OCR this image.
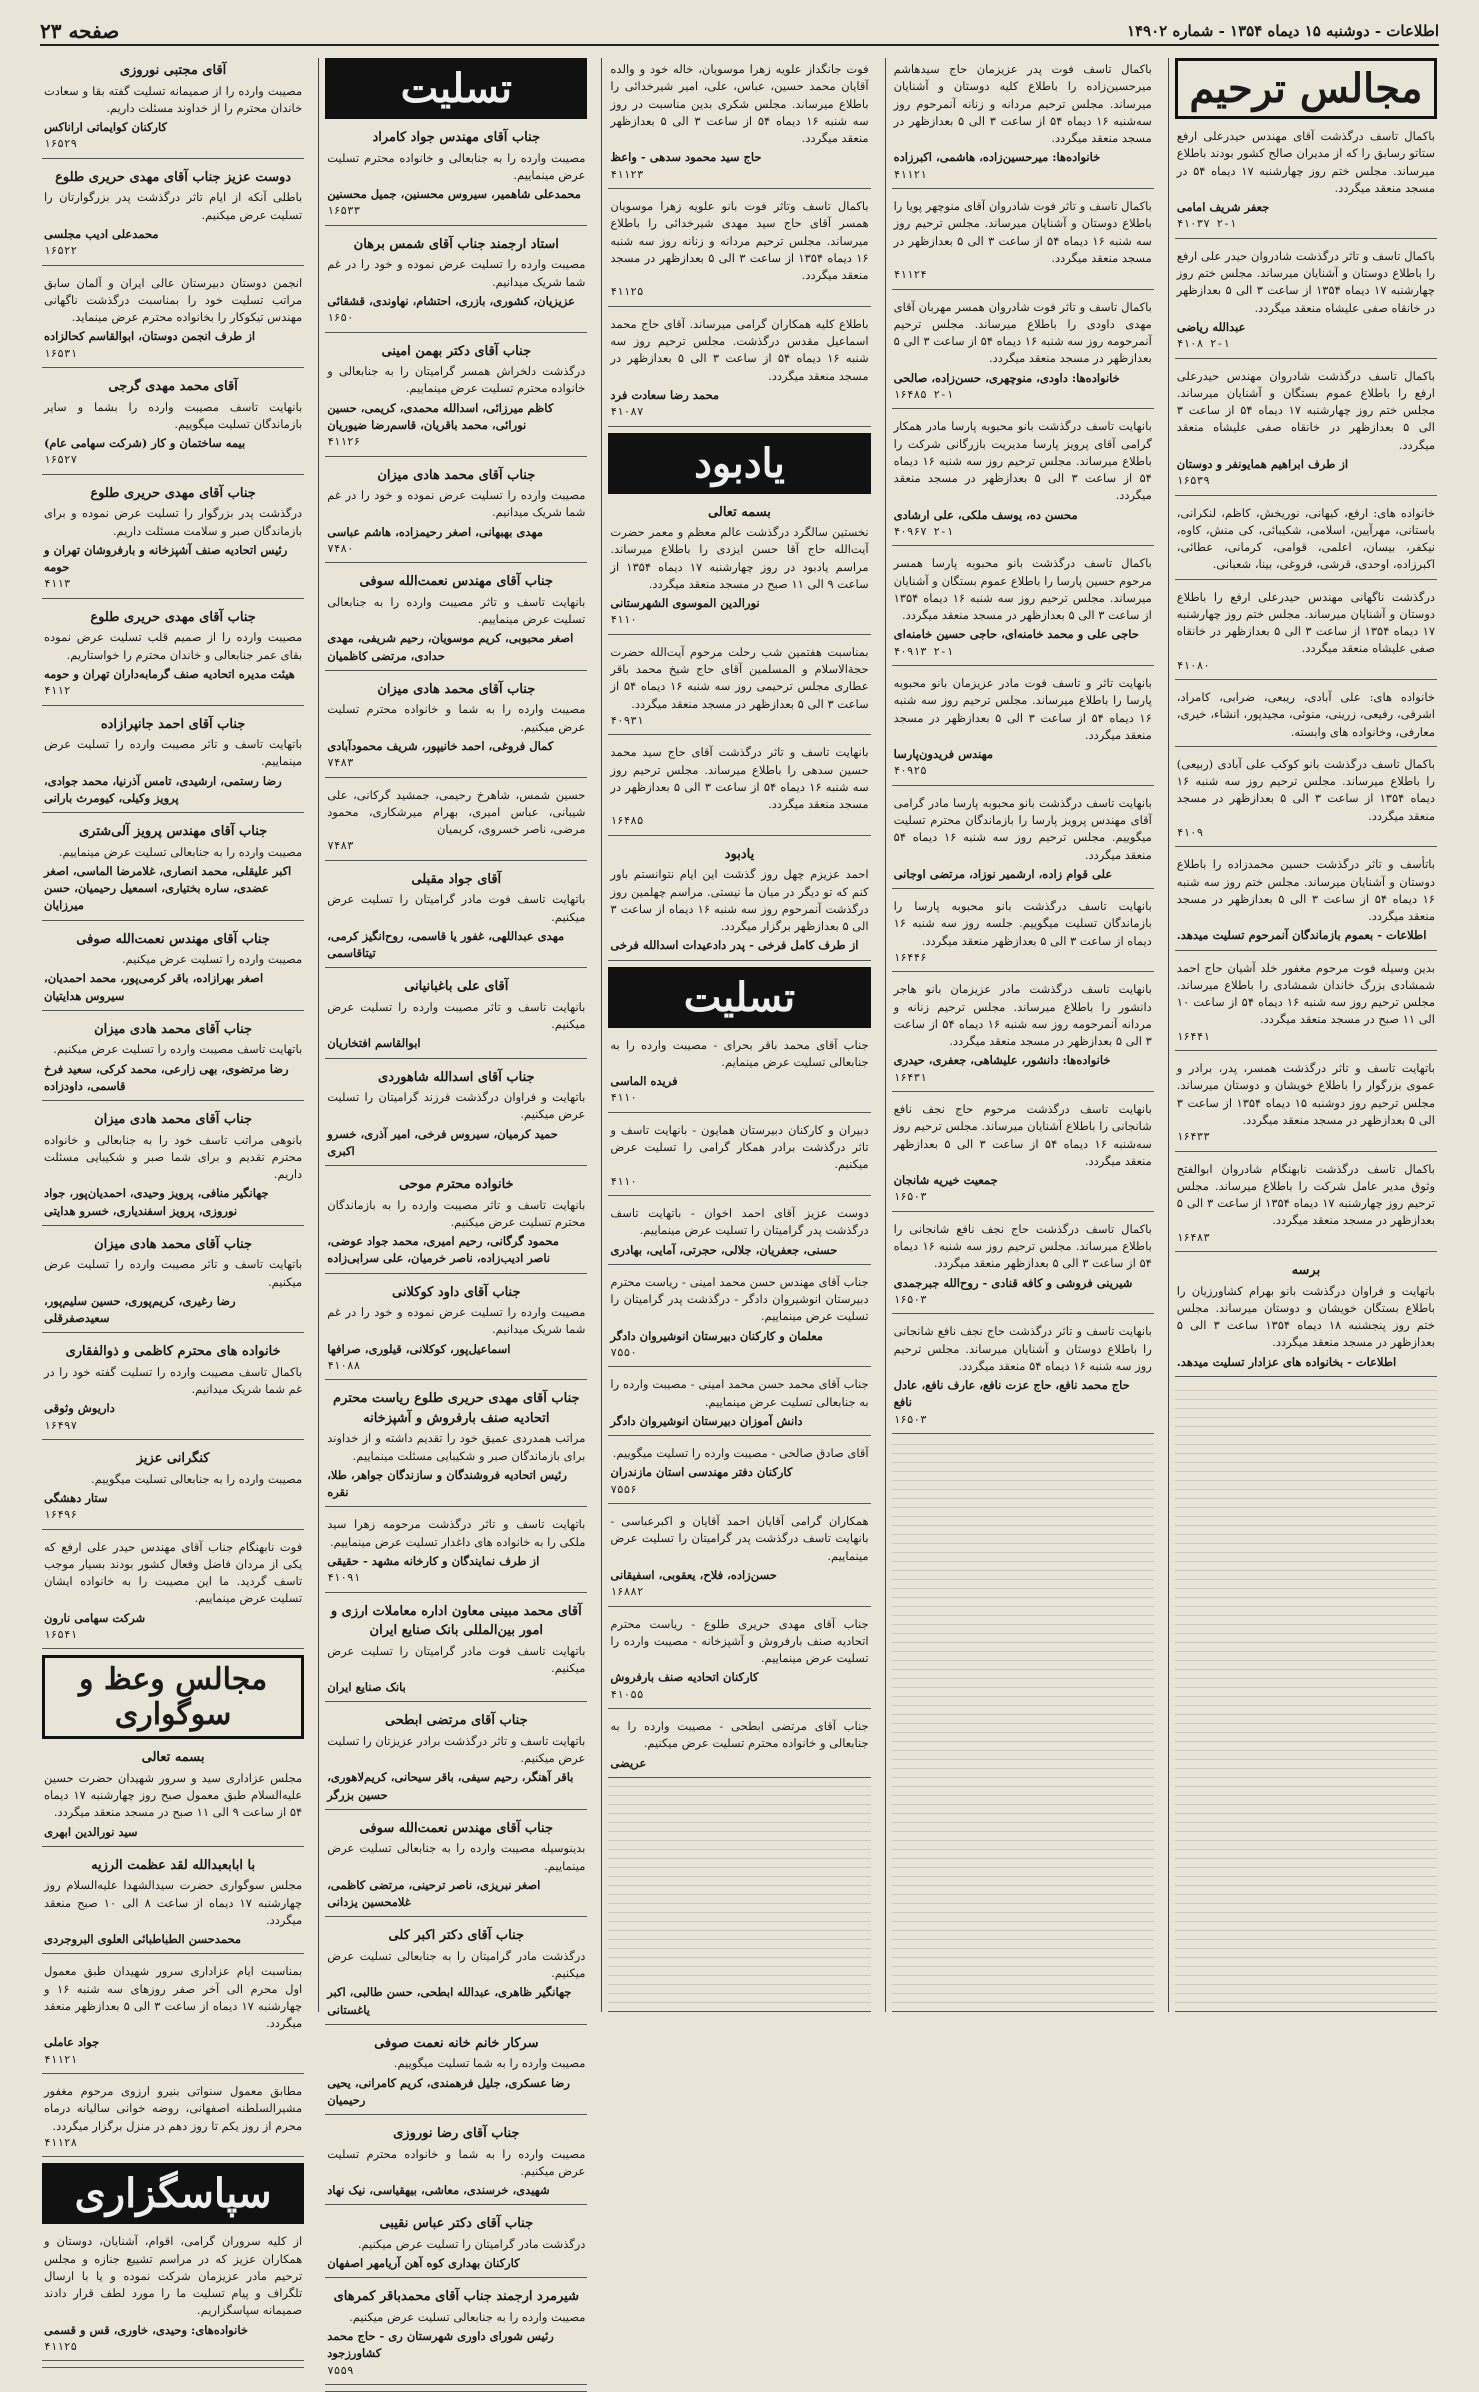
اطلاعات - دوشنبه ۱۵ دیماه ۱۳۵۴ - شماره ۱۴۹۰۲
صفحه ۲۳
مجالس ترحیم
باکمال تاسف درگذشت آقای مهندس حیدرعلی ارفع ستاتو رسابق را که از مدیران صالح کشور بودند باطلاع میرساند. مجلس ختم روز چهارشنبه ۱۷ دیماه ۵۴ در مسجد منعقد میگردد.
جعفر شریف امامی
۲-۱ ۴۱۰۳۷
باکمال تاسف و تاثر درگذشت شادروان حیدر علی ارفع را باطلاع دوستان و آشنایان میرساند. مجلس ختم روز چهارشنبه ۱۷ دیماه ۱۳۵۴ از ساعت ۳ الی ۵ بعدازظهر در خانقاه صفی علیشاه منعقد میگردد.
عبدالله ریاضی
۲-۱ ۴۱۰۸
باکمال تاسف درگذشت شادروان مهندس حیدرعلی ارفع را باطلاع عموم بستگان و آشنایان میرساند. مجلس ختم روز چهارشنبه ۱۷ دیماه ۵۴ از ساعت ۳ الی ۵ بعدازظهر در خانقاه صفی علیشاه منعقد میگردد.
از طرف ابراهیم همایونفر و دوستان
۱۶۵۳۹
خانواده های: ارفع، کیهانی، نوریخش، کاظم، لنکرانی، باستانی، مهرآیین، اسلامی، شکیبائی، کی منش، کاوه، نیکفر، بیسان، اعلمی، قوامی، کرمانی، عطائی، اکبرزاده، اوحدی، قرشی، فروغی، بینا، شعبانی.
درگذشت ناگهانی مهندس حیدرعلی ارفع را باطلاع دوستان و آشنایان میرساند. مجلس ختم روز چهارشنبه ۱۷ دیماه ۱۳۵۴ از ساعت ۳ الی ۵ بعدازظهر در خانقاه صفی علیشاه منعقد میگردد.
۴۱۰۸۰
خانواده های: علی آبادی، ریبعی، ضرابی، کامراد، اشرفی، رفیعی، زرینی، منوئی، مجیدپور، انشاء، خیری، معارفی، وخانواده های وابسته.
باکمال تاسف درگذشت بانو کوکب علی آبادی (ربیعی) را باطلاع میرساند. مجلس ترحیم روز سه شنبه ۱۶ دیماه ۱۳۵۴ از ساعت ۳ الی ۵ بعدازظهر در مسجد منعقد میگردد.
۴۱۰۹
باتأسف و تاثر درگذشت حسین محمدزاده را باطلاع دوستان و آشنایان میرساند. مجلس ختم روز سه شنبه ۱۶ دیماه ۵۴ از ساعت ۳ الی ۵ بعدازظهر در مسجد منعقد میگردد.
اطلاعات - بعموم بازماندگان آنمرحوم تسلیت میدهد.
بدین وسیله فوت مرحوم مغفور خلد آشیان حاج احمد شمشادی بزرگ خاندان شمشادی را باطلاع میرساند. مجلس ترحیم روز سه شنبه ۱۶ دیماه ۵۴ از ساعت ۱۰ الی ۱۱ صبح در مسجد منعقد میگردد.
۱۶۴۴۱
باتهایت تاسف و تاثر درگذشت همسر، پدر، برادر و عموی بزرگوار را باطلاع خویشان و دوستان میرساند. مجلس ترحیم روز دوشنبه ۱۵ دیماه ۱۳۵۴ از ساعت ۳ الی ۵ بعدازظهر در مسجد منعقد میگردد.
۱۶۴۳۳
باکمال تاسف درگذشت نابهنگام شادروان ابوالفتح وثوق مدیر عامل شرکت را باطلاع میرساند. مجلس ترحیم روز چهارشنبه ۱۷ دیماه ۱۳۵۴ از ساعت ۳ الی ۵ بعدازظهر در مسجد منعقد میگردد.
۱۶۴۸۳
برسه
باتهایت و فراوان درگذشت بانو بهرام کشاورزیان را باطلاع بستگان خویشان و دوستان میرساند. مجلس ختم روز پنجشنبه ۱۸ دیماه ۱۳۵۴ ساعت ۳ الی ۵ بعدازظهر در مسجد منعقد میگردد.
اطلاعات - بخانواده های عزادار تسلیت میدهد.
باکمال تاسف فوت پدر عزیزمان حاج سیدهاشم میرحسین‌زاده را باطلاع کلیه دوستان و آشنایان میرساند. مجلس ترحیم مردانه و زنانه آنمرحوم روز سه‌شنبه ۱۶ دیماه ۵۴ از ساعت ۳ الی ۵ بعدازظهر در مسجد منعقد میگردد.
خانواده‌ها: میرحسین‌زاده، هاشمی، اکبرزاده
۴۱۱۲۱
باکمال تاسف و تاثر فوت شادروان آقای منوچهر پویا را باطلاع دوستان و آشنایان میرساند. مجلس ترحیم روز سه شنبه ۱۶ دیماه ۵۴ از ساعت ۳ الی ۵ بعدازظهر در مسجد منعقد میگردد.
۴۱۱۲۴
باکمال تاسف و تاثر فوت شادروان همسر مهربان آقای مهدی داودی را باطلاع میرساند. مجلس ترحیم آنمرحومه روز سه شنبه ۱۶ دیماه ۵۴ از ساعت ۳ الی ۵ بعدازظهر در مسجد منعقد میگردد.
خانواده‌ها: داودی، منوچهری، حسن‌زاده، صالحی
۲-۱ ۱۶۴۸۵
بانهایت تاسف درگذشت بانو محبوبه پارسا مادر همکار گرامی آقای پرویز پارسا مدیریت بازرگانی شرکت را باطلاع میرساند. مجلس ترحیم روز سه شنبه ۱۶ دیماه ۵۴ از ساعت ۳ الی ۵ بعدازظهر در مسجد منعقد میگردد.
محسن ده، یوسف ملکی، علی ارشادی
۲-۱ ۴۰۹۶۷
باکمال تاسف درگذشت بانو محبوبه پارسا همسر مرحوم حسین پارسا را باطلاع عموم بستگان و آشنایان میرساند. مجلس ترحیم روز سه شنبه ۱۶ دیماه ۱۳۵۴ از ساعت ۳ الی ۵ بعدازظهر در مسجد منعقد میگردد.
حاجی علی و محمد خامنه‌ای، حاجی حسین خامنه‌ای
۲-۱ ۴۰۹۱۳
بانهایت تاثر و تاسف فوت مادر عزیزمان بانو محبوبه پارسا را باطلاع میرساند. مجلس ترحیم روز سه شنبه ۱۶ دیماه ۵۴ از ساعت ۳ الی ۵ بعدازظهر در مسجد منعقد میگردد.
مهندس فریدون‌پارسا
۴۰۹۲۵
بانهایت تاسف درگذشت بانو محبوبه پارسا مادر گرامی آقای مهندس پرویز پارسا را بازماندگان محترم تسلیت میگوییم. مجلس ترحیم روز سه شنبه ۱۶ دیماه ۵۴ منعقد میگردد.
علی قوام زاده، ارشمیر نوزاد، مرتضی اوجانی
بانهایت تاسف درگذشت بانو محبوبه پارسا را بازماندگان تسلیت میگوییم. جلسه روز سه شنبه ۱۶ دیماه از ساعت ۳ الی ۵ بعدازظهر منعقد میگردد.
۱۶۴۴۶
بانهایت تاسف درگذشت مادر عزیزمان بانو هاجر دانشور را باطلاع میرساند. مجلس ترحیم زنانه و مردانه آنمرحومه روز سه شنبه ۱۶ دیماه ۵۴ از ساعت ۳ الی ۵ بعدازظهر در مسجد منعقد میگردد.
خانواده‌ها: دانشور، علیشاهی، جعفری، حیدری
۱۶۴۳۱
بانهایت تاسف درگذشت مرحوم حاج نجف نافع شانجانی را باطلاع آشنایان میرساند. مجلس ترحیم روز سه‌شنبه ۱۶ دیماه ۵۴ از ساعت ۳ الی ۵ بعدازظهر منعقد میگردد.
جمعیت خیریه شانجان
۱۶۵۰۳
باکمال تاسف درگذشت حاج نجف نافع شانجانی را باطلاع میرساند. مجلس ترحیم روز سه شنبه ۱۶ دیماه ۵۴ از ساعت ۳ الی ۵ بعدازظهر منعقد میگردد.
شیرینی فروشی و کافه قنادی - روح‌الله جبرجمدی
۱۶۵۰۳
بانهایت تاسف و تاثر درگذشت حاج نجف نافع شانجانی را باطلاع دوستان و آشنایان میرساند. مجلس ترحیم روز سه شنبه ۱۶ دیماه ۵۴ منعقد میگردد.
حاج محمد نافع، حاج عزت نافع، عارف نافع، عادل نافع
۱۶۵۰۳
فوت جانگداز علویه زهرا موسویان، خاله خود و والده آقایان محمد حسین، عباس، علی، امیر شیرخدائی را باطلاع میرساند. مجلس شکری بدین مناسبت در روز سه شنبه ۱۶ دیماه ۵۴ از ساعت ۳ الی ۵ بعدازظهر منعقد میگردد.
حاج سید محمود سدهی - واعظ
۴۱۱۲۳
باکمال تاسف وتاثر فوت بانو علویه زهرا موسویان همسر آقای حاج سید مهدی شیرخدائی را باطلاع میرساند. مجلس ترحیم مردانه و زنانه روز سه شنبه ۱۶ دیماه ۱۳۵۴ از ساعت ۳ الی ۵ بعدازظهر در مسجد منعقد میگردد.
۴۱۱۲۵
باطلاع کلیه همکاران گرامی میرساند. آقای حاج محمد اسماعیل مقدس درگذشت. مجلس ترحیم روز سه شنبه ۱۶ دیماه ۵۴ از ساعت ۳ الی ۵ بعدازظهر در مسجد منعقد میگردد.
محمد رضا سعادت فرد
۴۱۰۸۷
یادبود
بسمه تعالی
نخستین سالگرد درگذشت عالم معظم و معمر حضرت آیت‌الله حاج آقا حسن ایزدی را باطلاع میرساند. مراسم یادبود در روز چهارشنبه ۱۷ دیماه ۱۳۵۴ از ساعت ۹ الی ۱۱ صبح در مسجد منعقد میگردد.
نورالدین الموسوی الشهرستانی
۴۱۱۰
بمناسبت هفتمین شب رحلت مرحوم آیت‌الله حضرت حجةالاسلام و المسلمین آقای حاج شیخ محمد باقر عطاری مجلس ترحیمی روز سه شنبه ۱۶ دیماه ۵۴ از ساعت ۳ الی ۵ بعدازظهر در مسجد منعقد میگردد.
۴۰۹۳۱
بانهایت تاسف و تاثر درگذشت آقای حاج سید محمد حسین سدهی را باطلاع میرساند. مجلس ترحیم روز سه شنبه ۱۶ دیماه ۵۴ از ساعت ۳ الی ۵ بعدازظهر در مسجد منعقد میگردد.
۱۶۴۸۵
یادبود
احمد عزیزم چهل روز گذشت این ایام نتوانستم باور کنم که تو دیگر در میان ما نیستی. مراسم چهلمین روز درگذشت آنمرحوم روز سه شنبه ۱۶ دیماه از ساعت ۳ الی ۵ بعدازظهر برگزار میگردد.
از طرف کامل فرخی - پدر دادعیدات اسدالله فرخی
تسلیت
جناب آقای محمد باقر بحرای - مصیبت وارده را به جنابعالی تسلیت عرض مینمایم.
فریده الماسی
۴۱۱۰
دبیران و کارکنان دبیرستان همایون - بانهایت تاسف و تاثر درگذشت برادر همکار گرامی را تسلیت عرض میکنیم.
۴۱۱۰
دوست عزیز آقای احمد اخوان - باتهایت تاسف درگذشت پدر گرامیتان را تسلیت عرض مینماییم.
حسنی، جعفریان، جلالی، حجرتی، آمایی، بهادری
جناب آقای مهندس حسن محمد امینی - ریاست محترم دبیرستان انوشیروان دادگر - درگذشت پدر گرامیتان را تسلیت عرض مینماییم.
معلمان و کارکنان دبیرستان انوشیروان دادگر
۷۵۵۰
جناب آقای محمد حسن محمد امینی - مصیبت وارده را به جنابعالی تسلیت عرض مینماییم.
دانش آموزان دبیرستان انوشیروان دادگر
آقای صادق صالحی - مصیبت وارده را تسلیت میگوییم.
کارکنان دفتر مهندسی استان مازندران
۷۵۵۶
همکاران گرامی آقایان احمد آقایان و اکبرعباسی - بانهایت تاسف درگذشت پدر گرامیتان را تسلیت عرض مینماییم.
حسن‌زاده، فلاح، یعقوبی، اسفیقانی
۱۶۸۸۲
جناب آقای مهدی حریری طلوع - ریاست محترم اتحادیه صنف بارفروش و آشپزخانه - مصیبت وارده را تسلیت عرض مینماییم.
کارکنان اتحادیه صنف بارفروش
۴۱۰۵۵
جناب آقای مرتضی ابطحی - مصیبت وارده را به جنابعالی و خانواده محترم تسلیت عرض میکنیم.
عریضی
تسلیت
جناب آقای مهندس جواد کامراد
مصیبت وارده را به جنابعالی و خانواده محترم تسلیت عرض مینماییم.
محمدعلی شاهمیر، سیروس محسنین، جمیل محسنین
۱۶۵۳۳
استاد ارجمند جناب آقای شمس برهان
مصیبت وارده را تسلیت عرض نموده و خود را در غم شما شریک میدانیم.
عزیزیان، کشوری، بازری، احتشام، نهاوندی، قشقائی
۱۶۵۰
جناب آقای دکتر بهمن امینی
درگذشت دلخراش همسر گرامیتان را به جنابعالی و خانواده محترم تسلیت عرض مینماییم.
کاظم میرزائی، اسدالله محمدی، کریمی، حسین نورائی، محمد باقریان، قاسم‌رضا ضیوریان
۴۱۱۲۶
جناب آقای محمد هادی میزان
مصیبت وارده را تسلیت عرض نموده و خود را در غم شما شریک میدانیم.
مهدی بهبهانی، اصغر رحیمزاده، هاشم عباسی
۷۴۸۰
جناب آقای مهندس نعمت‌الله سوفی
بانهایت تاسف و تاثر مصیبت وارده را به جنابعالی تسلیت عرض مینماییم.
اصغر محبوبی، کریم موسویان، رحیم شریفی، مهدی حدادی، مرتضی کاظمیان
جناب آقای محمد هادی میزان
مصیبت وارده را به شما و خانواده محترم تسلیت عرض میکنیم.
کمال فروغی، احمد خانیپور، شریف محمودآبادی
۷۴۸۳
حسین شمس، شاهرخ رحیمی، جمشید گرکانی، علی شیبانی، عباس امیری، بهرام میرشکاری، محمود مرضی، ناصر خسروی، کریمیان
۷۴۸۳
آقای جواد مقبلی
باتهایت تاسف فوت مادر گرامیتان را تسلیت عرض میکنیم.
مهدی عبداللهی، غفور یا قاسمی، روح‌انگیز کرمی، تیتاقاسمی
آقای علی باغبانیانی
بانهایت تاسف و تاثر مصیبت وارده را تسلیت عرض میکنیم.
ابوالقاسم افتخاریان
جناب آقای اسدالله شاهوردی
باتهایت و فراوان درگذشت فرزند گرامیتان را تسلیت عرض میکنیم.
حمید کرمیان، سیروس فرخی، امیر آذری، خسرو اکبری
خانواده محترم موحی
بانهایت تاسف و تاثر مصیبت وارده را به بازماندگان محترم تسلیت عرض میکنیم.
محمود گرگانی، رحیم امیری، محمد جواد عوضی، ناصر ادیب‌زاده، ناصر خرمیان، علی سرابی‌زاده
جناب آقای داود کوکلانی
مصیبت وارده را تسلیت عرض نموده و خود را در غم شما شریک میدانیم.
اسماعیل‌پور، کوکلانی، قیلوری، صرافها
۴۱۰۸۸
جناب آقای مهدی حریری طلوع ریاست محترم اتحادیه صنف بارفروش و آشپزخانه
مراتب همدردی عمیق خود را تقدیم داشته و از خداوند برای بازماندگان صبر و شکیبایی مسئلت مینماییم.
رئیس اتحادیه فروشندگان و سازندگان جواهر، طلا، نقره
باتهایت تاسف و تاثر درگذشت مرحومه زهرا سید ملکی را به خانواده های داغدار تسلیت عرض مینماییم.
از طرف نمایندگان و کارخانه مشهد - حقیقی
۴۱۰۹۱
آقای محمد مبینی معاون اداره معاملات ارزی و امور بین‌المللی بانک صنایع ایران
باتهایت تاسف فوت مادر گرامیتان را تسلیت عرض میکنیم.
بانک صنایع ایران
جناب آقای مرتضی ابطحی
باتهایت تاسف و تاثر درگذشت برادر عزیزتان را تسلیت عرض میکنیم.
باقر آهنگر، رحیم سیفی، باقر سیحانی، کریم‌لاهوری، حسین بزرگر
جناب آقای مهندس نعمت‌الله سوفی
بدینوسیله مصیبت وارده را به جنابعالی تسلیت عرض مینماییم.
اصغر نبریزی، ناصر ترحینی، مرتضی کاظمی، غلامحسین یزدانی
جناب آقای دکتر اکبر کلی
درگذشت مادر گرامیتان را به جنابعالی تسلیت عرض میکنیم.
جهانگیر ظاهری، عبدالله ابطحی، حسن طالبی، اکبر یاغستانی
سرکار خانم خانه نعمت صوفی
مصیبت وارده را به شما تسلیت میگوییم.
رضا عسکری، جلیل فرهمندی، کریم کامرانی، یحیی رحیمیان
جناب آقای رضا نوروزی
مصیبت وارده را به شما و خانواده محترم تسلیت عرض میکنیم.
شهیدی، خرسندی، معاشی، بیهقیاسی، نیک نهاد
جناب آقای دکتر عباس نقیبی
درگذشت مادر گرامیتان را تسلیت عرض میکنیم.
کارکنان بهداری کوه آهن آریامهر اصفهان
شیرمرد ارجمند جناب آقای محمدباقر کمرهای
مصیبت وارده را به جنابعالی تسلیت عرض میکنیم.
رئیس شورای داوری شهرستان ری - حاج محمد کشاورزجود
۷۵۵۹
آقای مجتبی نوروزی
مصیبت وارده را از صمیمانه تسلیت گفته بقا و سعادت خاندان محترم را از خداوند مسئلت داریم.
کارکنان کوایماتی اراناکس
۱۶۵۲۹
دوست عزیز جناب آقای مهدی حریری طلوع
باطلی آنکه از ایام تاثر درگذشت پدر بزرگوارتان را تسلیت عرض میکنیم.
محمدعلی ادیب مجلسی
۱۶۵۲۲
انجمن دوستان دبیرستان عالی ایران و آلمان سابق مراتب تسلیت خود را بمناسبت درگذشت ناگهانی مهندس تیکوکار را بخانواده محترم عرض مینماید.
از طرف انجمن دوستان، ابوالقاسم کحالزاده
۱۶۵۳۱
آقای محمد مهدی گرجی
بانهایت تاسف مصیبت وارده را بشما و سایر بازماندگان تسلیت میگوییم.
بیمه ساختمان و کار (شرکت سهامی عام)
۱۶۵۲۷
جناب آقای مهدی حریری طلوع
درگذشت پدر بزرگوار را تسلیت عرض نموده و برای بازماندگان صبر و سلامت مسئلت داریم.
رئیس اتحادیه صنف آشپزخانه و بارفروشان تهران و حومه
۴۱۱۳
جناب آقای مهدی حریری طلوع
مصیبت وارده را از صمیم قلب تسلیت عرض نموده بقای عمر جنابعالی و خاندان محترم را خواستاریم.
هیئت مدیره اتحادیه صنف گرمابه‌داران تهران و حومه
۴۱۱۲
جناب آقای احمد جانپرازاده
باتهایت تاسف و تاثر مصیبت وارده را تسلیت عرض مینماییم.
رضا رستمی، ارشیدی، تامس آذرنیا، محمد جوادی، پرویز وکیلی، کیومرث بارانی
جناب آقای مهندس پرویز آلی‌شتری
مصیبت وارده را به جنابعالی تسلیت عرض مینماییم.
اکبر علیقلی، محمد انصاری، غلامرضا الماسی، اصغر عضدی، ساره بختیاری، اسمعیل رحیمیان، حسن میرزایان
جناب آقای مهندس نعمت‌الله صوفی
مصیبت وارده را تسلیت عرض میکنیم.
اصغر بهرازاده، باقر کرمی‌پور، محمد احمدیان، سیروس هدایتیان
جناب آقای محمد هادی میزان
باتهایت تاسف مصیبت وارده را تسلیت عرض میکنیم.
رضا مرتضوی، بهی زارعی، محمد کرکی، سعید فرخ قاسمی، داودزاده
جناب آقای محمد هادی میزان
بانوهی مراتب تاسف خود را به جنابعالی و خانواده محترم تقدیم و برای شما صبر و شکیبایی مسئلت داریم.
جهانگیر منافی، پرویز وحیدی، احمدیان‌پور، جواد نوروزی، پرویز اسفندیاری، خسرو هدایتی
جناب آقای محمد هادی میزان
باتهایت تاسف و تاثر مصیبت وارده را تسلیت عرض میکنیم.
رضا رغیری، کریم‌پوری، حسین سلیم‌پور، سعیدصفرقلی
خانواده های محترم کاظمی و ذوالفقاری
باکمال تاسف مصیبت وارده را تسلیت گفته خود را در غم شما شریک میدانیم.
داریوش وثوقی
۱۶۴۹۷
کنگرانی عزیز
مصیبت وارده را به جنابعالی تسلیت میگوییم.
ستار دهشگی
۱۶۴۹۶
فوت نابهنگام جناب آقای مهندس حیدر علی ارفع که یکی از مردان فاضل وفعال کشور بودند بسیار موجب تاسف گردید. ما این مصیبت را به خانواده ایشان تسلیت عرض مینماییم.
شرکت سهامی نارون
۱۶۵۴۱
مجالس وعظ و سوگواری
بسمه تعالی
مجلس عزاداری سید و سرور شهیدان حضرت حسین علیه‌السلام طبق معمول صبح روز چهارشنبه ۱۷ دیماه ۵۴ از ساعت ۹ الی ۱۱ صبح در مسجد منعقد میگردد.
سید نورالدین ابهری
با ابابعبدالله لقد عظمت الرزیه
مجلس سوگواری حضرت سیدالشهدا علیه‌السلام روز چهارشنبه ۱۷ دیماه از ساعت ۸ الی ۱۰ صبح منعقد میگردد.
محمدحسن الطباطبائی العلوی البروجردی
بمناسبت ایام عزاداری سرور شهیدان طبق معمول اول محرم الی آخر صفر روزهای سه شنبه ۱۶ و چهارشنبه ۱۷ دیماه از ساعت ۳ الی ۵ بعدازظهر منعقد میگردد.
جواد عاملی
۴۱۱۲۱
مطابق معمول سنواتی بنیرو ارزوی مرحوم مغفور مشیرالسلطنه اصفهانی، روضه خوانی سالیانه درماه محرم از روز یکم تا روز دهم در منزل برگزار میگردد.
۴۱۱۲۸
سپاسگزاری
از کلیه سروران گرامی، اقوام، آشنایان، دوستان و همکاران عزیز که در مراسم تشییع جنازه و مجلس ترحیم مادر عزیزمان شرکت نموده و یا با ارسال تلگراف و پیام تسلیت ما را مورد لطف قرار دادند صمیمانه سپاسگزاریم.
خانواده‌های: وحیدی، خاوری، قس و قسمی
۴۱۱۲۵
